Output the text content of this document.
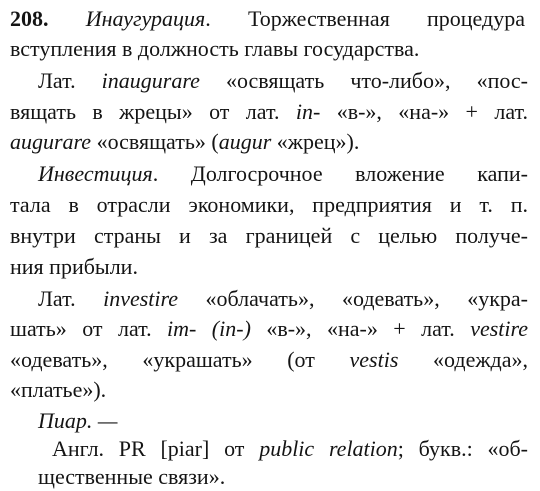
208. Инаугурация. Торжественная процедура
вступления в должность главы государства.
Лат. inaugurare «освящать что-либо», «пос-
вящать в жрецы» от лат. in- «в-», «на-» + лат.
augurare «освящать» (augur «жрец»).
Инвестиция. Долгосрочное вложение капи-
тала в отрасли экономики, предприятия и т. п.
внутри страны и за границей с целью получе-
ния прибыли.
Лат. investire «облачать», «одевать», «укра-
шать» от лат. im- (in-) «в-», «на-» + лат. vestire
«одевать», «украшать» (от vestis «одежда»,
«платье»).
Пиар. —
Англ. PR [piar] от public relation; букв.: «об-
щественные связи».
